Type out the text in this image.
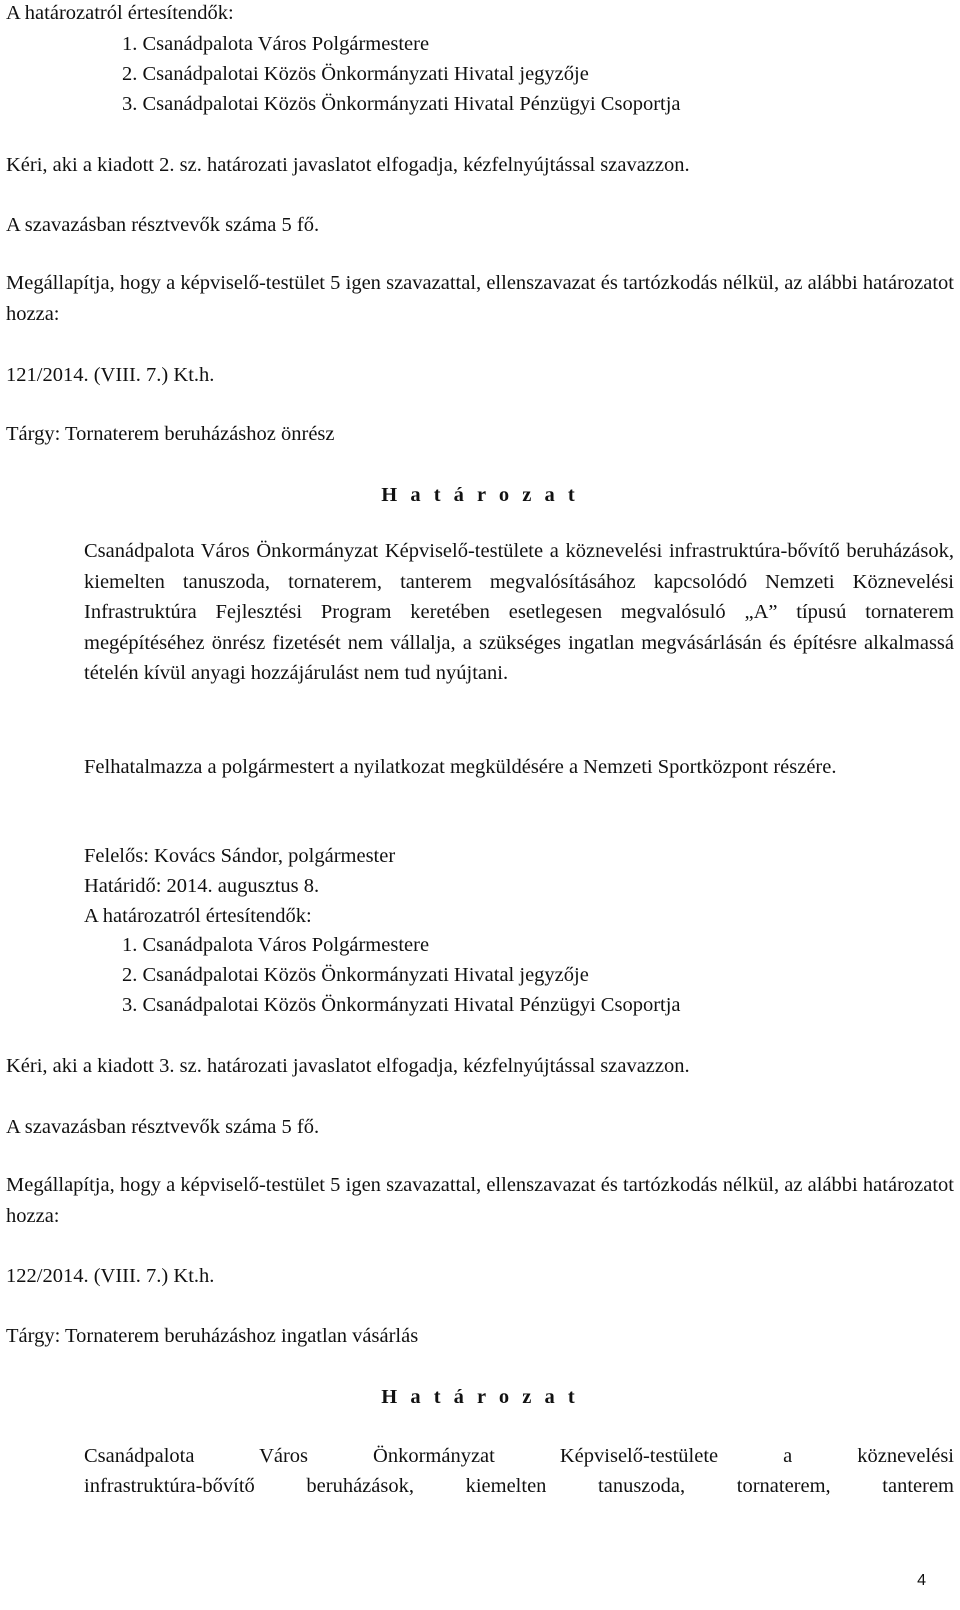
A határozatról értesítendők:
1. Csanádpalota Város Polgármestere
2. Csanádpalotai Közös Önkormányzati Hivatal jegyzője
3. Csanádpalotai Közös Önkormányzati Hivatal Pénzügyi Csoportja
Kéri, aki a kiadott 2. sz. határozati javaslatot elfogadja, kézfelnyújtással szavazzon.
A szavazásban résztvevők száma 5 fő.
Megállapítja, hogy a képviselő-testület 5 igen szavazattal, ellenszavazat és tartózkodás nélkül, az alábbi határozatot hozza:
121/2014. (VIII. 7.) Kt.h.
Tárgy: Tornaterem beruházáshoz önrész
H a t á r o z a t
Csanádpalota Város Önkormányzat Képviselő-testülete a köznevelési infrastruktúra-bővítő beruházások, kiemelten tanuszoda, tornaterem, tanterem megvalósításához kapcsolódó Nemzeti Köznevelési Infrastruktúra Fejlesztési Program keretében esetlegesen megvalósuló „A” típusú tornaterem megépítéséhez önrész fizetését nem vállalja, a szükséges ingatlan megvásárlásán és építésre alkalmassá tételén kívül anyagi hozzájárulást nem tud nyújtani.
Felhatalmazza a polgármestert a nyilatkozat megküldésére a Nemzeti Sportközpont részére.
Felelős: Kovács Sándor, polgármester
Határidő: 2014. augusztus 8.
A határozatról értesítendők:
1. Csanádpalota Város Polgármestere
2. Csanádpalotai Közös Önkormányzati Hivatal jegyzője
3. Csanádpalotai Közös Önkormányzati Hivatal Pénzügyi Csoportja
Kéri, aki a kiadott 3. sz. határozati javaslatot elfogadja, kézfelnyújtással szavazzon.
A szavazásban résztvevők száma 5 fő.
Megállapítja, hogy a képviselő-testület 5 igen szavazattal, ellenszavazat és tartózkodás nélkül, az alábbi határozatot hozza:
122/2014. (VIII. 7.) Kt.h.
Tárgy: Tornaterem beruházáshoz ingatlan vásárlás
H a t á r o z a t
Csanádpalota Város Önkormányzat Képviselő-testülete a köznevelési
infrastruktúra-bővítő beruházások, kiemelten tanuszoda, tornaterem, tanterem
4
